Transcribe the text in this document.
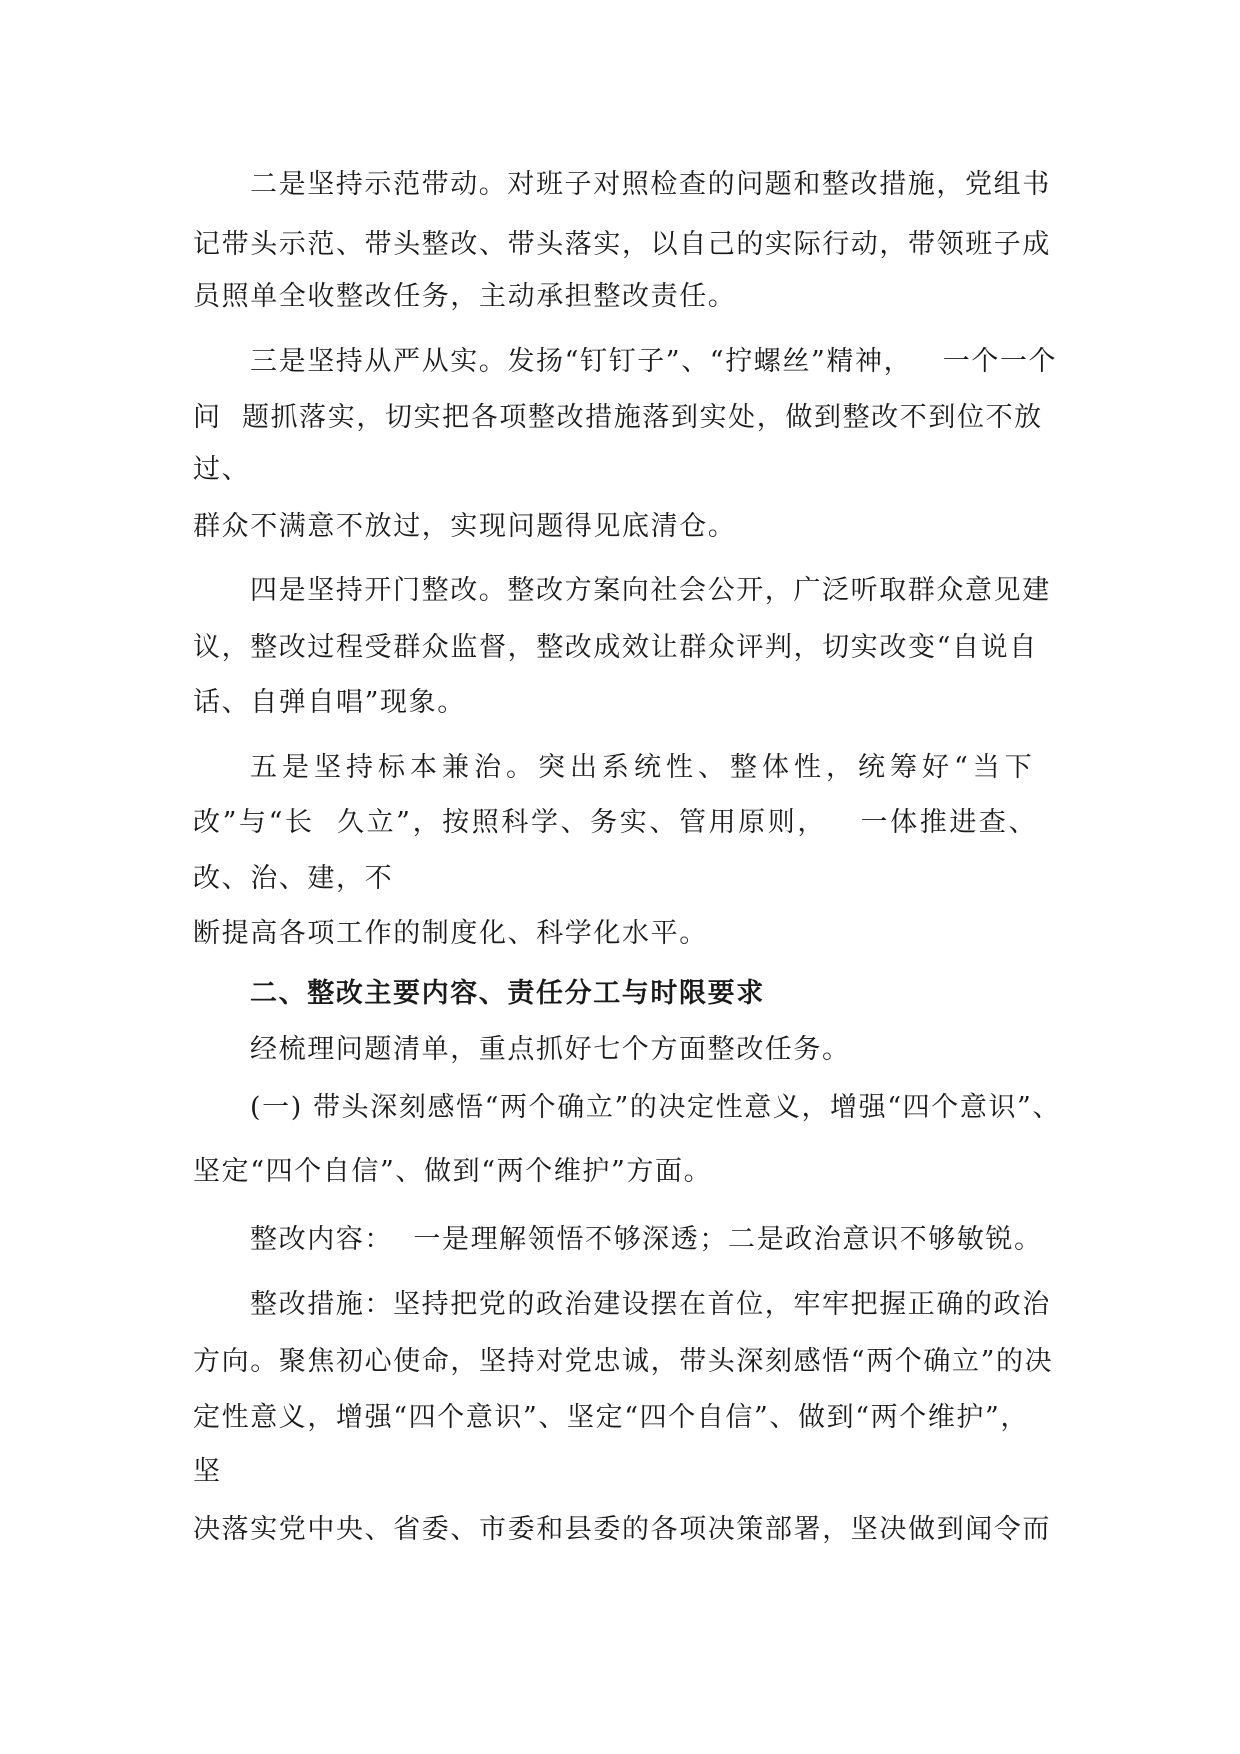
二是坚持示范带动。对班子对照检查的问题和整改措施，党组书
记带头示范、带头整改、带头落实，以自己的实际行动，带领班子成
员照单全收整改任务，主动承担整改责任。
三是坚持从严从实。发扬“钉钉子”、“拧螺丝”精神，   一个一个
问  题抓落实，切实把各项整改措施落到实处，做到整改不到位不放
过、
群众不满意不放过，实现问题得见底清仓。
四是坚持开门整改。整改方案向社会公开，广泛听取群众意见建
议，整改过程受群众监督，整改成效让群众评判，切实改变“自说自
话、自弹自唱”现象。
五是坚持标本兼治。突出系统性、整体性，统筹好“当下
改”与“长  久立”，按照科学、务实、管用原则，   一体推进查、
改、治、建，不
断提高各项工作的制度化、科学化水平。
二、整改主要内容、责任分工与时限要求
经梳理问题清单，重点抓好七个方面整改任务。
(一) 带头深刻感悟“两个确立”的决定性意义，增强“四个意识”、
坚定“四个自信”、做到“两个维护”方面。
整改内容：  一是理解领悟不够深透；二是政治意识不够敏锐。
整改措施：坚持把党的政治建设摆在首位，牢牢把握正确的政治
方向。聚焦初心使命，坚持对党忠诚，带头深刻感悟“两个确立”的决
定性意义，增强“四个意识”、坚定“四个自信”、做到“两个维护”，
坚
决落实党中央、省委、市委和县委的各项决策部署，坚决做到闻令而
